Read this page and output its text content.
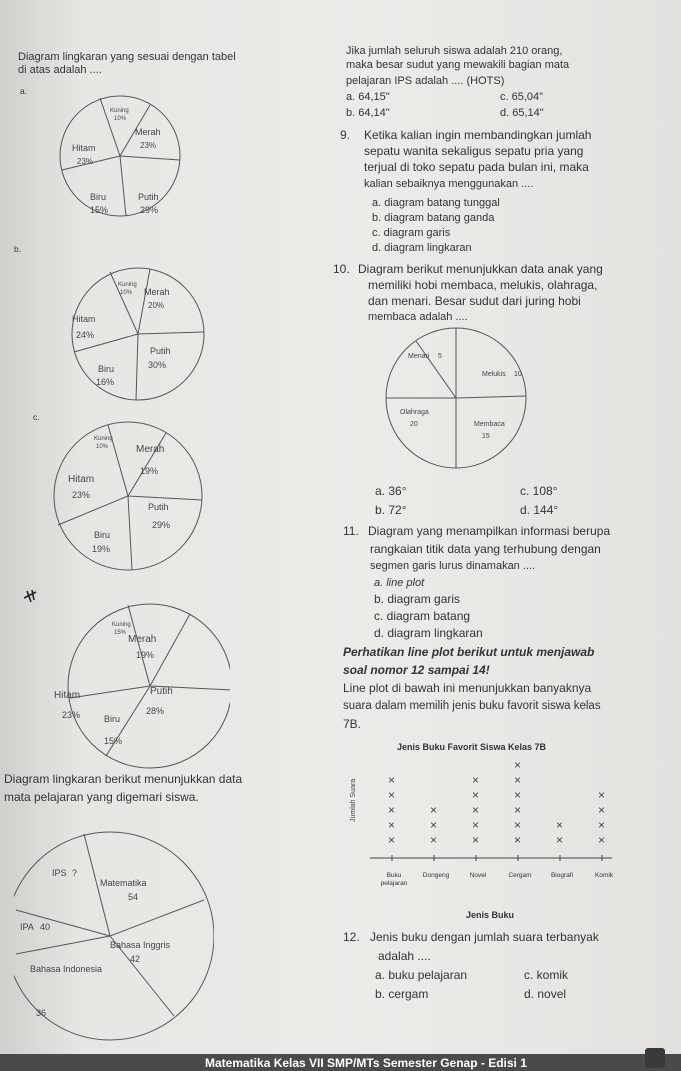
Diagram lingkaran yang sesuai dengan tabel
di atas adalah ....
a.
Kuning
10%
Merah
23%
Hitam
23%
Biru
15%
Putih
29%
b.
Kuning
10% Merah
20%
Hitam
24%
Biru
16%
Putih
30%
c.
Kuning
10%	Merah
19%
Hitam
23%
Biru
19%
Putih
29%
Kuning
15%
Merah
19%
Hitam
23%	Biru
15%
Putih
28%
Diagram lingkaran berikut menunjukkan data
mata pelajaran yang digemari siswa.
IPS ?
Matematika
54
Bahasa Inggris
42
Bahasa Indonesia
36
IPA 40
Jika jumlah seluruh siswa adalah 210 orang,
maka besar sudut yang mewakili bagian mata
pelajaran IPS adalah .... (HOTS)
a. 64,15"	c. 65,04"
b. 64,14"	d. 65,14"
9. Ketika kalian ingin membandingkan jumlah
sepatu wanita sekaligus sepatu pria yang
terjual di toko sepatu pada bulan ini, maka
kalian sebaiknya menggunakan ....
a. diagram batang tunggal
b. diagram batang ganda
c. diagram garis
d. diagram lingkaran
10. Diagram berikut menunjukkan data anak yang
memiliki hobi membaca, melukis, olahraga,
dan menari. Besar sudut dari juring hobi
membaca adalah ....
Menari 5
Melukis 10
Membaca
15
Olahraga
20
a. 36°	c. 108°
b. 72°	d. 144°
11. Diagram yang menampilkan informasi berupa
rangkaian titik data yang terhubung dengan
segmen garis lurus dinamakan ....
a. line plot
b. diagram garis
c. diagram batang
d. diagram lingkaran
Perhatikan line plot berikut untuk menjawab
soal nomor 12 sampai 14!
Line plot di bawah ini menunjukkan banyaknya
suara dalam memilih jenis buku favorit siswa kelas
7B.
Jenis Buku Favorit Siswa Kelas 7B
Jumlah Suara
×
×
×
×
×
×
×
×
×
×
×
×
×
×
×
×
×
×
×
×
×
×
×
×
×
Buku pelajaran
Dongeng	Novel	Cergam	Biografi	Komik
Jenis Buku
12. Jenis buku dengan jumlah suara terbanyak
adalah ....
a. buku pelajaran	c. komik
b. cergam	d. novel
Matematika Kelas VII SMP/MTs Semester Genap - Edisi 1
